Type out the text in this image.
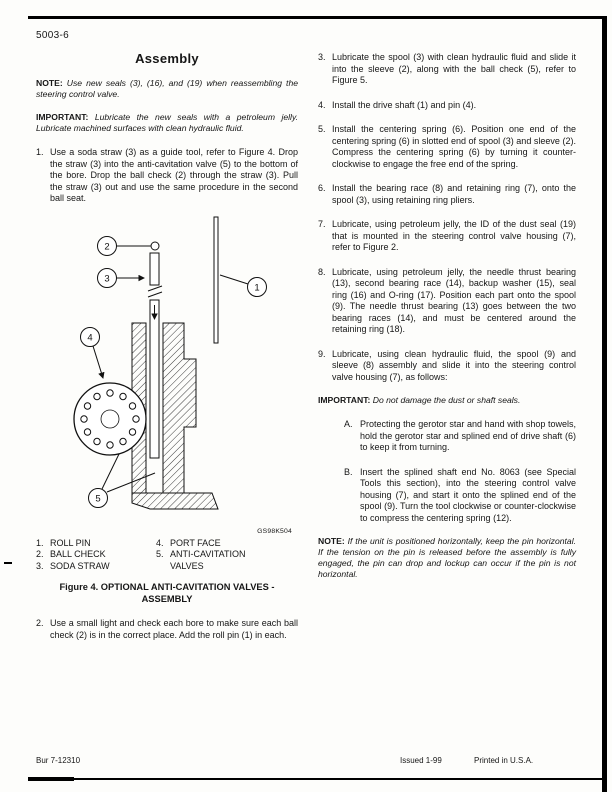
5003-6
Assembly

NOTE: Use new seals (3), (16), and (19) when reassembling the steering control valve.

IMPORTANT: Lubricate the new seals with a petroleum jelly. Lubricate machined surfaces with clean hydraulic fluid.

1. Use a soda straw (3) as a guide tool, refer to Figure 4. Drop the straw (3) into the anti-cavitation valve (5) to the bottom of the bore. Drop the ball check (2) through the straw (3). Pull the straw (3) out and use the same procedure in the second ball seat.
2
3
1
4
5
GS98K504
1. ROLL PIN
2. BALL CHECK
3. SODA STRAW
4. PORT FACE
5. ANTI-CAVITATION VALVES
Figure 4. OPTIONAL ANTI-CAVITATION VALVES -
ASSEMBLY
2. Use a small light and check each bore to make sure each ball check (2) is in the correct place. Add the roll pin (1) in each.
3. Lubricate the spool (3) with clean hydraulic fluid and slide it into the sleeve (2), along with the ball check (5), refer to Figure 5.
4. Install the drive shaft (1) and pin (4).
5. Install the centering spring (6). Position one end of the centering spring (6) in slotted end of spool (3) and sleeve (2). Compress the centering spring (6) by turning it counter-clockwise to engage the free end of the spring.
6. Install the bearing race (8) and retaining ring (7), onto the spool (3), using retaining ring pliers.
7. Lubricate, using petroleum jelly, the ID of the dust seal (19) that is mounted in the steering control valve housing (7), refer to Figure 2.
8. Lubricate, using petroleum jelly, the needle thrust bearing (13), second bearing race (14), backup washer (15), seal ring (16) and O-ring (17). Position each part onto the spool (9). The needle thrust bearing (13) goes between the two bearing races (14), and must be centered around the retaining ring (18).
9. Lubricate, using clean hydraulic fluid, the spool (9) and sleeve (8) assembly and slide it into the steering control valve housing (7), as follows:

IMPORTANT: Do not damage the dust or shaft seals.

A. Protecting the gerotor star and hand with shop towels, hold the gerotor star and splined end of drive shaft (6) to keep it from turning.
B. Insert the splined shaft end No. 8063 (see Special Tools this section), into the steering control valve housing (7), and start it onto the splined end of the spool (9). Turn the tool clockwise or counter-clockwise to compress the centering spring (12).

NOTE: If the unit is positioned horizontally, keep the pin horizontal. If the tension on the pin is released before the assembly is fully engaged, the pin can drop and lockup can occur if the pin is not horizontal.

Bur 7-12310	Issued 1-99	Printed in U.S.A.
